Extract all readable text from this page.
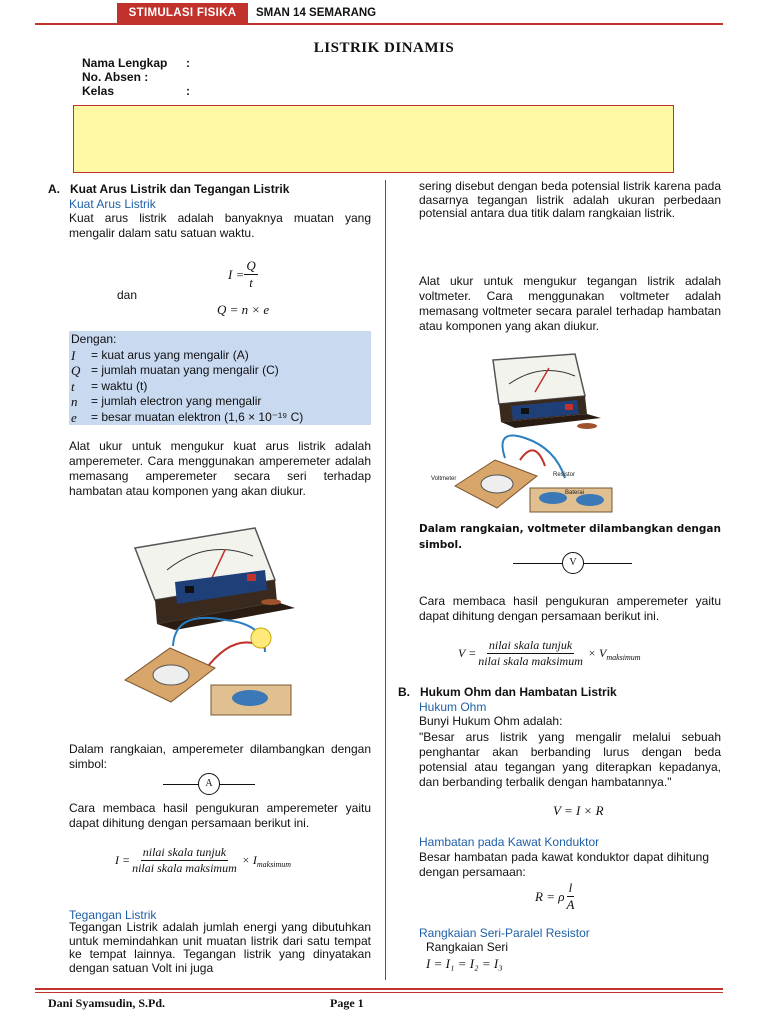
STIMULASI FISIKA	SMAN 14 SEMARANG
LISTRIK DINAMIS
Nama Lengkap	:
No. Absen :
Kelas	:
A.   Kuat Arus Listrik dan Tegangan Listrik
Kuat Arus Listrik
Kuat arus listrik adalah banyaknya muatan yang mengalir dalam satu satuan waktu.
$I = \frac{Q}{t}$
dan
Q = n × e
Dengan:
I	= kuat arus yang mengalir (A)
Q = jumlah muatan yang mengalir (C)
t	= waktu (t)
n	= jumlah electron yang mengalir
e	= besar muatan elektron (1,6 × 10⁻¹⁹ C)
Alat ukur untuk mengukur kuat arus listrik adalah amperemeter. Cara menggunakan amperemeter adalah memasang amperemeter secara seri terhadap hambatan atau komponen yang akan diukur.
Dalam rangkaian, amperemeter dilambangkan dengan simbol:
A
Cara membaca hasil pengukuran amperemeter yaitu dapat dihitung dengan persamaan berikut ini.
$I = \frac{\text{nilai skala tunjuk}}{\text{nilai skala maksimum}} \times I$ maksimum
Tegangan Listrik
Tegangan Listrik adalah jumlah energi yang dibutuhkan untuk memindahkan unit muatan listrik dari satu tempat ke tempat lainnya. Tegangan listrik yang dinyatakan dengan satuan Volt ini juga
sering disebut dengan beda potensial listrik karena pada dasarnya tegangan listrik adalah ukuran perbedaan potensial antara dua titik dalam rangkaian listrik.
Alat ukur untuk mengukur tegangan listrik adalah voltmeter. Cara menggunakan voltmeter adalah memasang voltmeter secara paralel terhadap hambatan atau komponen yang akan diukur.
Voltmeter
Resistor
Baterai
Dalam rangkaian, voltmeter dilambangkan dengan simbol.
V
Cara membaca hasil pengukuran amperemeter yaitu dapat dihitung dengan persamaan berikut ini.
$V = \frac{\text{nilai skala tunjuk}}{\text{nilai skala maksimum}} \times V$ maksimum
B.   Hukum Ohm dan Hambatan Listrik
Hukum Ohm
Bunyi Hukum Ohm adalah:
"Besar arus listrik yang mengalir melalui sebuah penghantar akan berbanding lurus dengan beda potensial atau tegangan yang diterapkan kepadanya, dan berbanding terbalik dengan hambatannya."
V = I × R
Hambatan pada Kawat Konduktor
Besar hambatan pada kawat konduktor dapat dihitung dengan persamaan:
R = ρ $\frac{l}{A}$
Rangkaian Seri-Paralel Resistor
Rangkaian Seri
I = I₁ = I₂ = I₃
Dani Syamsudin, S.Pd.	Page 1
